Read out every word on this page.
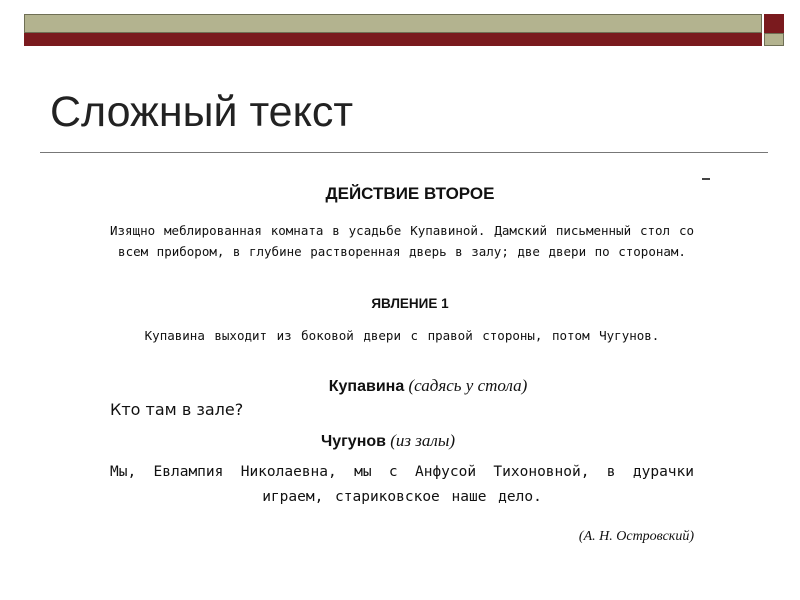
Сложный текст
ДЕЙСТВИЕ ВТОРОЕ

Изящно меблированная комната в усадьбе Купавиной. Дамский письменный стол со всем прибором, в глубине растворенная дверь в залу; две двери по сторонам.

ЯВЛЕНИЕ 1

Купавина выходит из боковой двери с правой стороны, потом Чугунов.

Купавина (садясь у стола)

Кто там в зале?

Чугунов (из залы)

Мы, Евлампия Николаевна, мы с Анфусой Тихоновной, в дурачки играем, стариковское наше дело.

(А. Н. Островский)
